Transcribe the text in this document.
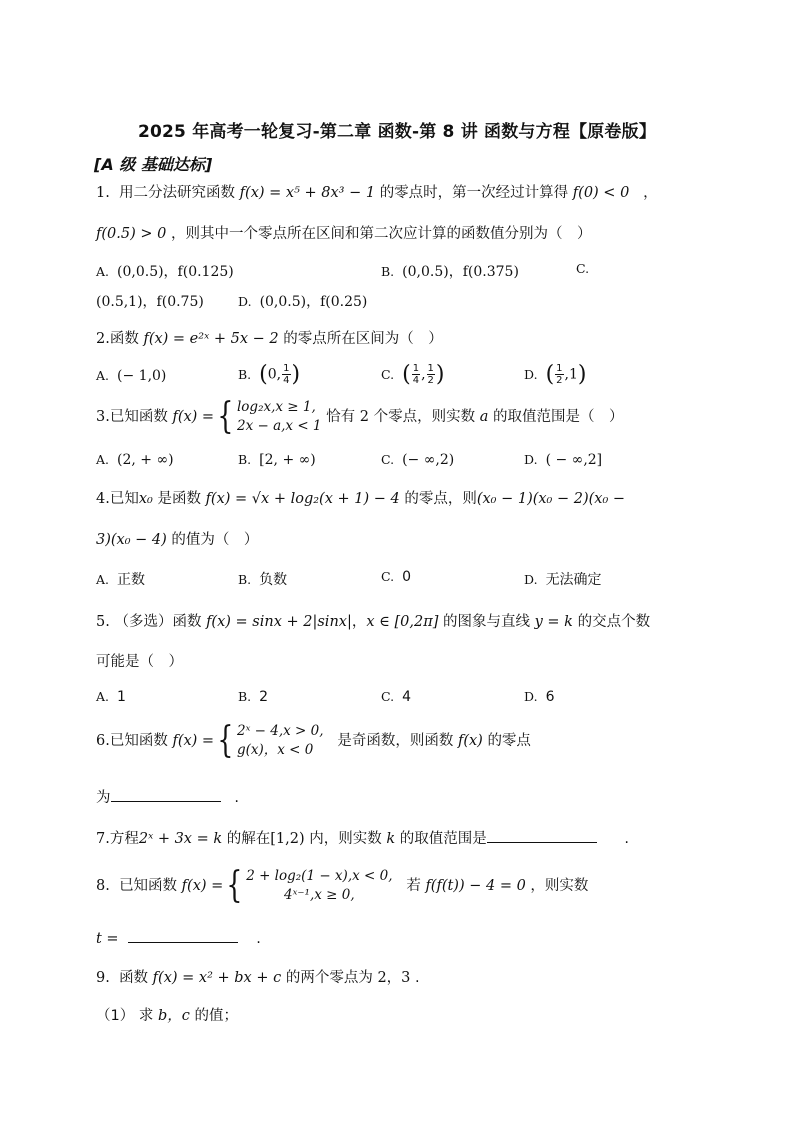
2025 年高考一轮复习-第二章 函数-第 8 讲 函数与方程【原卷版】
[A 级 基础达标]
1. 用二分法研究函数 f(x) = x⁵ + 8x³ − 1 的零点时，第一次经过计算得 f(0) < 0 ，
f(0.5) > 0 ，则其中一个零点所在区间和第二次应计算的函数值分别为（　）
A. (0,0.5)，f(0.125)	B. (0,0.5)，f(0.375)	C.
(0.5,1)，f(0.75)	D. (0,0.5)，f(0.25)
2.函数 f(x) = e²ˣ + 5x − 2 的零点所在区间为（　）
A. (− 1,0)	B. (0, $\frac{1}{4}$ )	C. ( $\frac{1}{4}$ , $\frac{1}{2}$ )	D. ( $\frac{1}{2} ,1$)
3.已知函数 f(x) ={ log₂x,x ≥ 1,
2x − a,x < 1
恰有 2 个零点，则实数 a 的取值范围是（　）
A. (2, + ∞)	B. [2, + ∞)	C. (− ∞,2)	D. ( − ∞,2]
4.已知x₀ 是函数 f(x) = √x + log₂(x + 1) − 4 的零点，则(x₀ − 1)(x₀ − 2)(x₀ −
3)(x₀ − 4) 的值为（　）
A. 正数	B. 负数	C. 0	D. 无法确定
5. （多选）函数 f(x) = sinx + 2|sinx|，x ∈ [0,2π] 的图象与直线 y = k 的交点个数
可能是（　）
A. 1	B. 2	C. 4	D. 6
6.已知函数 f(x) ={ 2ˣ − 4,x > 0,
g(x)，x < 0
是奇函数，则函数 f(x) 的零点
为	.
7.方程2ˣ + 3x = k 的解在[1,2) 内，则实数 k 的取值范围是	.
8. 已知函数 f(x) ={ 2 + log₂(1 − x),x < 0,
4ˣ⁻¹,x ≥ 0,
若 f(f(t)) − 4 = 0 ，则实数
t =	.
9. 函数 f(x) = x² + bx + c 的两个零点为 2，3 .
（1） 求 b，c 的值；
